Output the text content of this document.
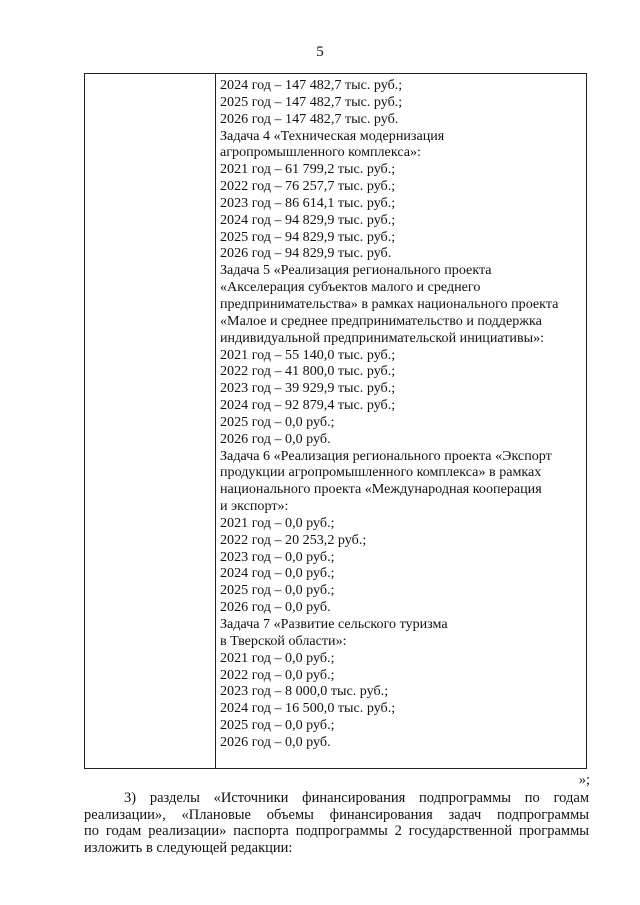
5
2024 год – 147 482,7 тыс. руб.;
2025 год – 147 482,7 тыс. руб.;
2026 год – 147 482,7 тыс. руб.
Задача 4 «Техническая модернизация
агропромышленного комплекса»:
2021 год – 61 799,2 тыс. руб.;
2022 год – 76 257,7 тыс. руб.;
2023 год – 86 614,1 тыс. руб.;
2024 год – 94 829,9 тыс. руб.;
2025 год – 94 829,9 тыс. руб.;
2026 год – 94 829,9 тыс. руб.
Задача 5 «Реализация регионального проекта
«Акселерация субъектов малого и среднего
предпринимательства» в рамках национального проекта
«Малое и среднее предпринимательство и поддержка
индивидуальной предпринимательской инициативы»:
2021 год – 55 140,0 тыс. руб.;
2022 год – 41 800,0 тыс. руб.;
2023 год – 39 929,9 тыс. руб.;
2024 год – 92 879,4 тыс. руб.;
2025 год – 0,0 руб.;
2026 год – 0,0 руб.
Задача 6 «Реализация регионального проекта «Экспорт
продукции агропромышленного комплекса» в рамках
национального проекта «Международная кооперация
и экспорт»:
2021 год – 0,0 руб.;
2022 год – 20 253,2 руб.;
2023 год – 0,0 руб.;
2024 год – 0,0 руб.;
2025 год – 0,0 руб.;
2026 год – 0,0 руб.
Задача 7 «Развитие сельского туризма
в Тверской области»:
2021 год – 0,0 руб.;
2022 год – 0,0 руб.;
2023 год – 8 000,0 тыс. руб.;
2024 год – 16 500,0 тыс. руб.;
2025 год – 0,0 руб.;
2026 год – 0,0 руб.
»;
3) разделы «Источники финансирования подпрограммы по годам
реализации», «Плановые объемы финансирования задач подпрограммы
по годам реализации» паспорта подпрограммы 2 государственной программы
изложить в следующей редакции:
